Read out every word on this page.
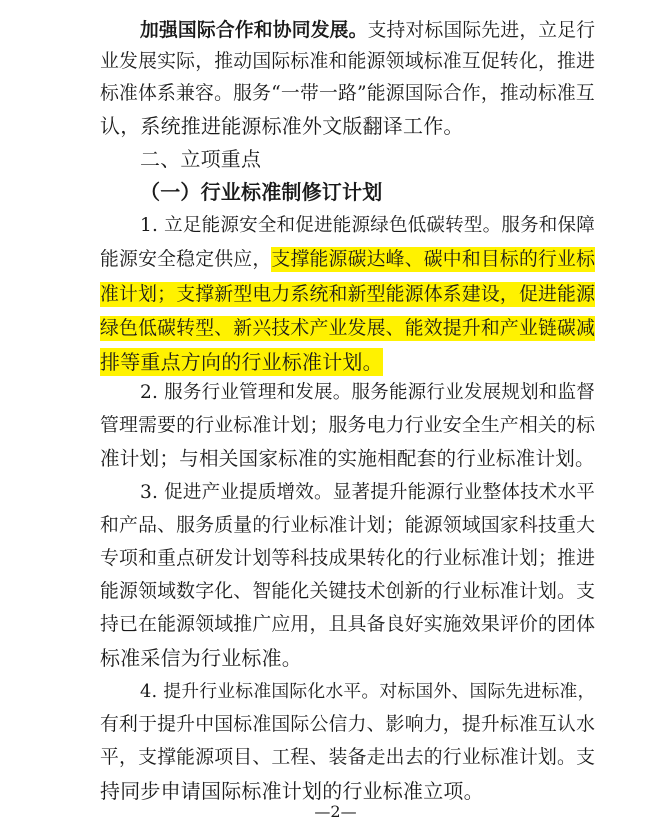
加强国际合作和协同发展。支持对标国际先进，立足行
业发展实际，推动国际标准和能源领域标准互促转化，推进
标准体系兼容。服务“一带一路”能源国际合作，推动标准互
认，系统推进能源标准外文版翻译工作。
二、立项重点
（一）行业标准制修订计划
1. 立足能源安全和促进能源绿色低碳转型。服务和保障
能源安全稳定供应，支撑能源碳达峰、碳中和目标的行业标
准计划；支撑新型电力系统和新型能源体系建设，促进能源
绿色低碳转型、新兴技术产业发展、能效提升和产业链碳减
排等重点方向的行业标准计划。
2. 服务行业管理和发展。服务能源行业发展规划和监督
管理需要的行业标准计划；服务电力行业安全生产相关的标
准计划；与相关国家标准的实施相配套的行业标准计划。
3. 促进产业提质增效。显著提升能源行业整体技术水平
和产品、服务质量的行业标准计划；能源领域国家科技重大
专项和重点研发计划等科技成果转化的行业标准计划；推进
能源领域数字化、智能化关键技术创新的行业标准计划。支
持已在能源领域推广应用，且具备良好实施效果评价的团体
标准采信为行业标准。
4. 提升行业标准国际化水平。对标国外、国际先进标准，
有利于提升中国标准国际公信力、影响力，提升标准互认水
平，支撑能源项目、工程、装备走出去的行业标准计划。支
持同步申请国际标准计划的行业标准立项。
—2—
